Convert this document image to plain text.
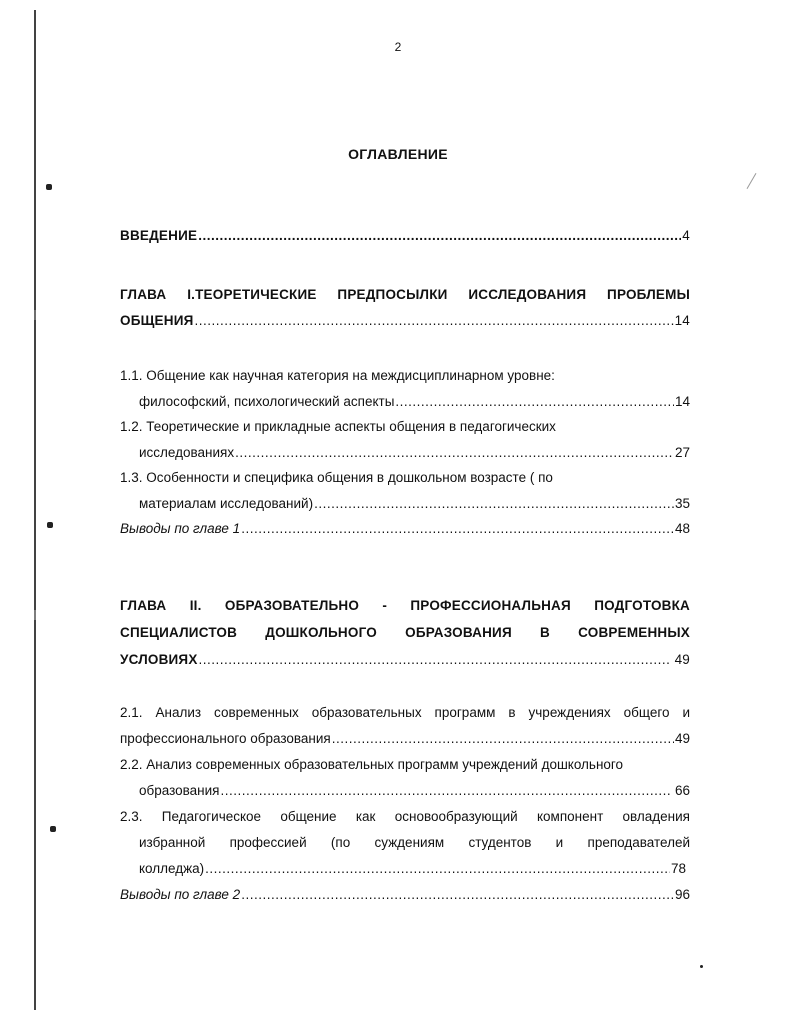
2
ОГЛАВЛЕНИЕ
ВВЕДЕНИЕ .....	4
ГЛАВА I.ТЕОРЕТИЧЕСКИЕ ПРЕДПОСЫЛКИ ИССЛЕДОВАНИЯ ПРОБЛЕМЫ
ОБЩЕНИЯ .....	14
1.1. Общение как научная категория на междисциплинарном уровне:
философский, психологический аспекты .....	14
1.2. Теоретические и прикладные аспекты общения в педагогических
исследованиях .....	27
1.3. Особенности и специфика общения в дошкольном возрасте ( по
материалам исследований) .....	35
Выводы по главе 1 .....	48
ГЛАВА II. ОБРАЗОВАТЕЛЬНО - ПРОФЕССИОНАЛЬНАЯ ПОДГОТОВКА
СПЕЦИАЛИСТОВ ДОШКОЛЬНОГО ОБРАЗОВАНИЯ В СОВРЕМЕННЫХ
УСЛОВИЯХ .....	49
2.1. Анализ современных образовательных программ в учреждениях общего и
профессионального образования .....	49
2.2. Анализ современных образовательных программ учреждений дошкольного
образования .....	66
2.3. Педагогическое общение как основообразующий компонент овладения
избранной профессией (по суждениям студентов и преподавателей
колледжа) .....	78
Выводы по главе 2 .....	96
